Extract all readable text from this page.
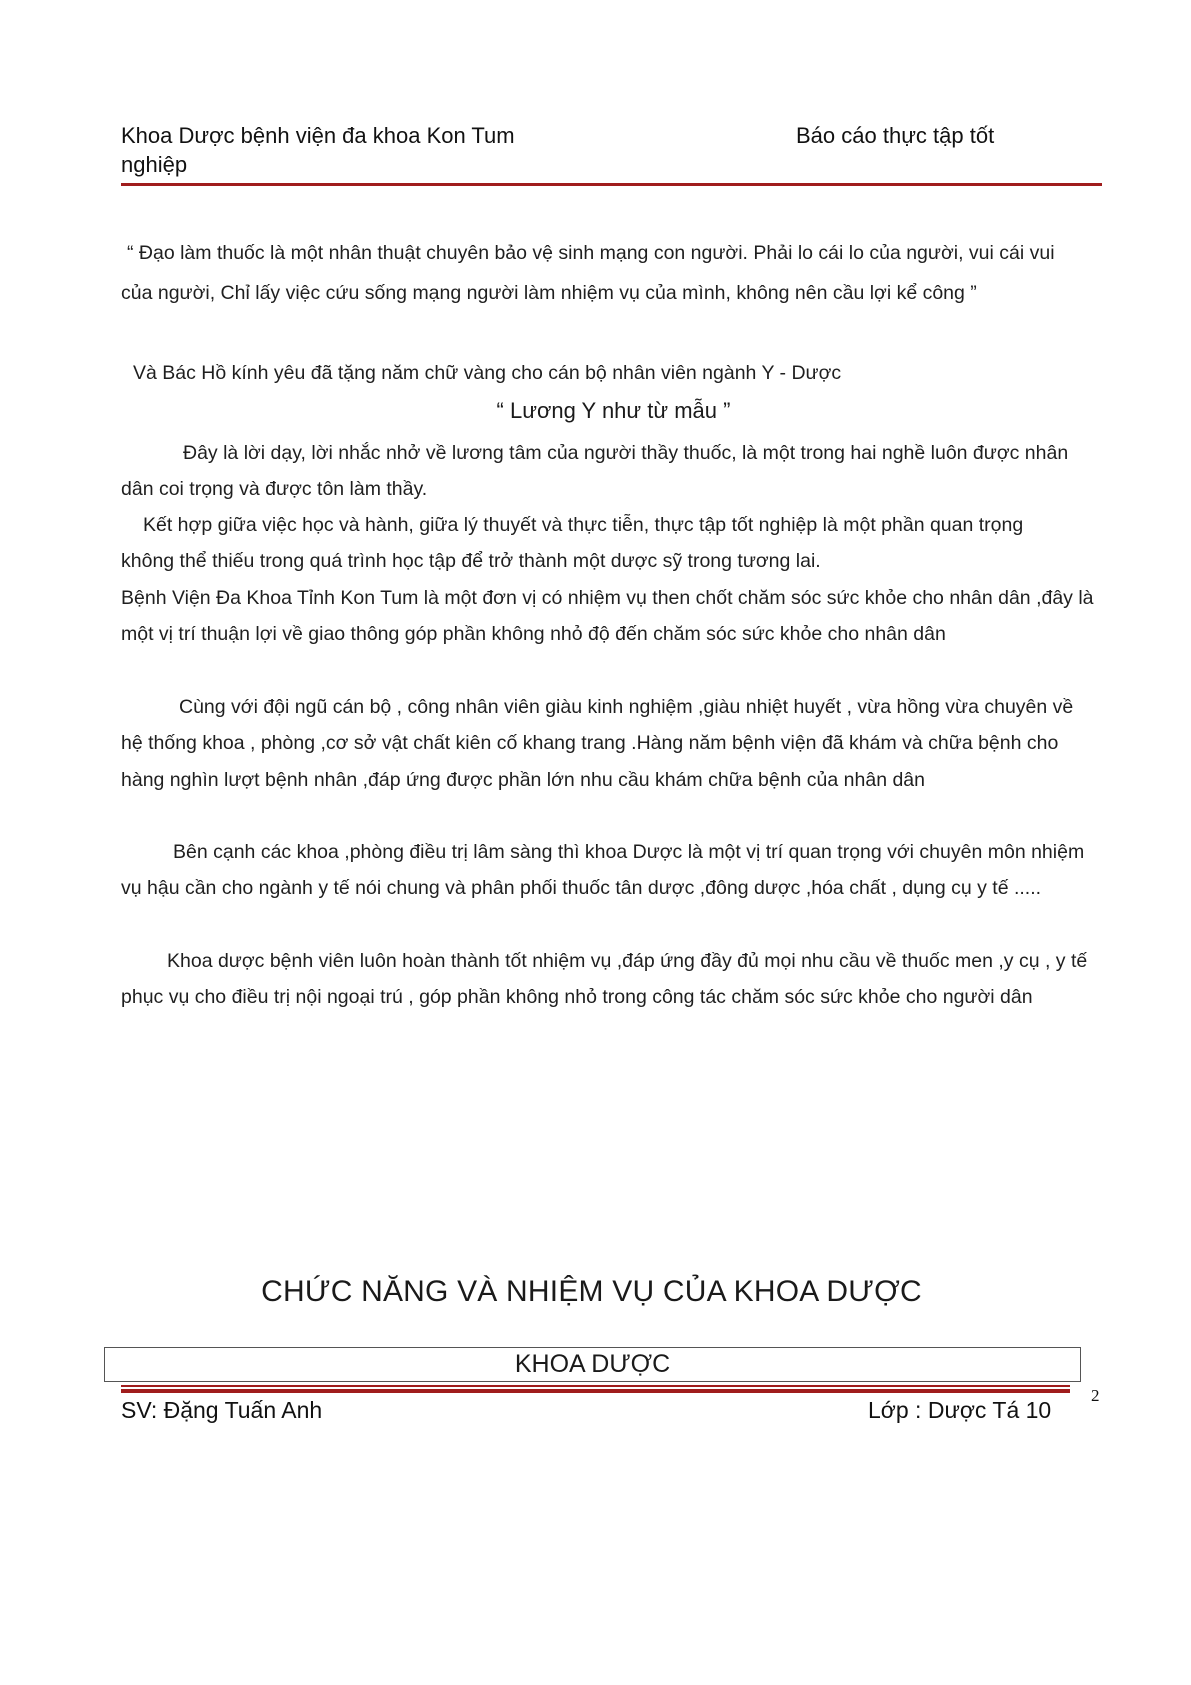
Khoa Dược bệnh viện đa khoa Kon Tum	Báo cáo thực tập tốt
nghiệp
“ Đạo làm thuốc là một nhân thuật chuyên bảo vệ sinh mạng con người. Phải lo cái lo của người, vui cái vui của người, Chỉ lấy việc cứu sống mạng người làm nhiệm vụ của mình, không nên cầu lợi kể công ”
Và Bác Hồ kính yêu đã tặng năm chữ vàng cho cán bộ nhân viên ngành Y - Dược
“ Lương Y như từ mẫu ”
Đây là lời dạy, lời nhắc nhở về lương tâm của người thầy thuốc, là một trong hai nghề luôn được nhân dân coi trọng và được tôn làm thầy.
Kết hợp giữa việc học và hành, giữa lý thuyết và thực tiễn, thực tập tốt nghiệp là một phần quan trọng không thể thiếu trong quá trình học tập để trở thành một dược sỹ trong tương lai.
Bệnh Viện Đa Khoa Tỉnh Kon Tum là một đơn vị có nhiệm vụ then chốt chăm sóc sức khỏe cho nhân dân ,đây là một vị trí thuận lợi về giao thông góp phần không nhỏ độ đến chăm sóc sức khỏe cho nhân dân
Cùng với đội ngũ cán bộ , công nhân viên giàu kinh nghiệm ,giàu nhiệt huyết , vừa hồng vừa chuyên về hệ thống khoa , phòng ,cơ sở vật chất kiên cố khang trang .Hàng năm bệnh viện đã khám và chữa bệnh cho hàng nghìn lượt bệnh nhân ,đáp ứng được phần lớn nhu cầu khám chữa bệnh của nhân dân
Bên cạnh các khoa ,phòng điều trị lâm sàng thì khoa Dược là một vị trí quan trọng với chuyên môn nhiệm vụ hậu cần cho ngành y tế nói chung và phân phối thuốc tân dược ,đông dược ,hóa chất , dụng cụ y tế .....
Khoa dược bệnh viên luôn hoàn thành tốt nhiệm vụ ,đáp ứng đầy đủ mọi nhu cầu về thuốc men ,y cụ , y tế phục vụ cho điều trị nội ngoại trú , góp phần không nhỏ trong công tác chăm sóc sức khỏe cho người dân
CHỨC NĂNG VÀ NHIỆM VỤ CỦA KHOA DƯỢC
KHOA DƯỢC
SV: Đặng Tuấn Anh	Lớp : Dược Tá 10
2
